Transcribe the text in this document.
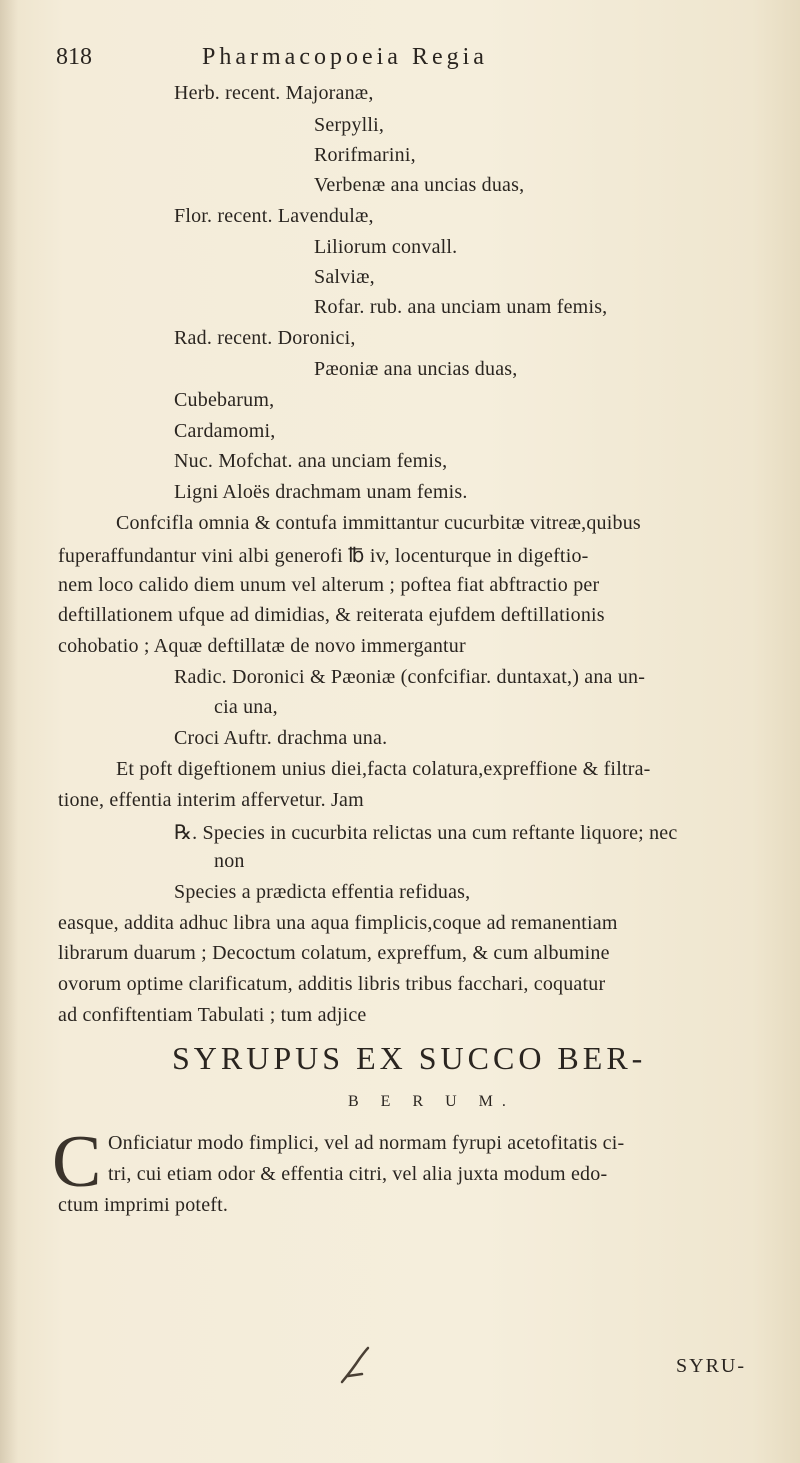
818	Pharmacopoeia Regia
Herb. recent. Majoranæ,
Serpylli,
Rorifmarini,
Verbenæ ana uncias duas,
Flor. recent. Lavendulæ,
Liliorum convall.
Salviæ,
Rofar. rub. ana unciam unam femis,
Rad. recent. Doronici,
Pæoniæ ana uncias duas,
Cubebarum,
Cardamomi,
Nuc. Mofchat. ana unciam femis,
Ligni Aloës drachmam unam femis.
Confcifla omnia & contufa immittantur cucurbitæ vitreæ,quibus
fuperaffundantur vini albi generofi ℔ iv, locenturque in digeftio-
nem loco calido diem unum vel alterum ; poftea fiat abftractio per
deftillationem ufque ad dimidias, & reiterata ejufdem deftillationis
cohobatio ; Aquæ deftillatæ de novo immergantur
Radic. Doronici & Pæoniæ (confcifiar. duntaxat,) ana un-
cia una,
Croci Auftr. drachma una.
Et poft digeftionem unius diei,facta colatura,expreffione & filtra-
tione, effentia interim affervetur. Jam
℞. Species in cucurbita relictas una cum reftante liquore; nec
non
Species a prædicta effentia refiduas,
easque, addita adhuc libra una aqua fimplicis,coque ad remanentiam
librarum duarum ; Decoctum colatum, expreffum, & cum albumine
ovorum optime clarificatum, additis libris tribus facchari, coquatur
ad confiftentiam Tabulati ; tum adjice
SYRUPUS EX SUCCO BER-
B E R U M.
C Onficiatur modo fimplici, vel ad normam fyrupi acetofitatis ci-
tri, cui etiam odor & effentia citri, vel alia juxta modum edo-
ctum imprimi poteft.
SYRU-
